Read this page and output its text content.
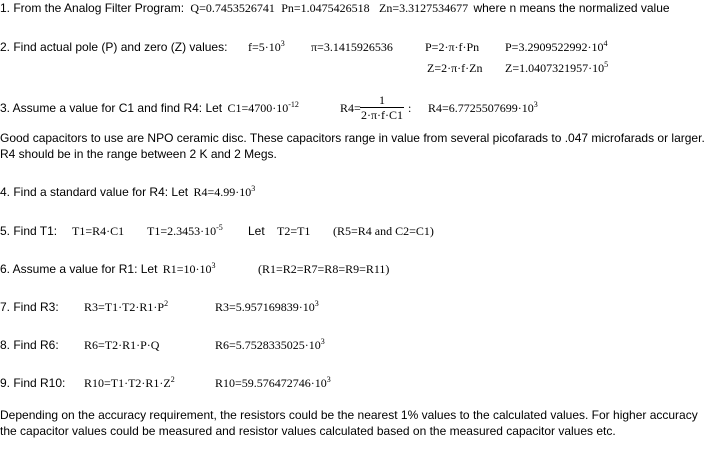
1. From the Analog Filter Program: Q=0.7453526741 Pn=1.0475426518 Zn=3.3127534677 where n means the normalized value
2. Find actual pole (P) and zero (Z) values: $f=5\cdot 10^3$ π=3.1415926536	P=2·π·f·Pn $P=3.2909522992\cdot 10^4$
Z=2·π·f·Zn $Z=1.0407321957\cdot 10^5$
3. Assume a value for C1 and find R4: Let $C1=4700\cdot 10^{-12}$	$R4= \frac{1}{2\cdot\pi\cdot f\cdot C1}$ : $R4=6.7725507699\cdot 10^3$
Good capacitors to use are NPO ceramic disc. These capacitors range in value from several picofarads to .047 microfarads or larger. R4 should be in the range between 2 K and 2 Megs.
4. Find a standard value for R4: Let $R4=4.99\cdot 10^3$
5. Find T1: T1=R4·C1 $T1=2.3453\cdot 10^{-5}$ Let T2=T1 (R5=R4 and C2=C1)
6. Assume a value for R1: Let $R1=10\cdot 10^3$	(R1=R2=R7=R8=R9=R11)
7. Find R3: $R3=T1\cdot T2\cdot R1\cdot P^2$	$R3=5.957169839\cdot 10^3$
8. Find R6: R6=T2·R1·P·Q	$R6=5.7528335025\cdot 10^3$
9. Find R10: $R10=T1\cdot T2\cdot R1\cdot Z^2$	$R10=59.576472746\cdot 10^3$
Depending on the accuracy requirement, the resistors could be the nearest 1% values to the calculated values. For higher accuracy the capacitor values could be measured and resistor values calculated based on the measured capacitor values etc.
